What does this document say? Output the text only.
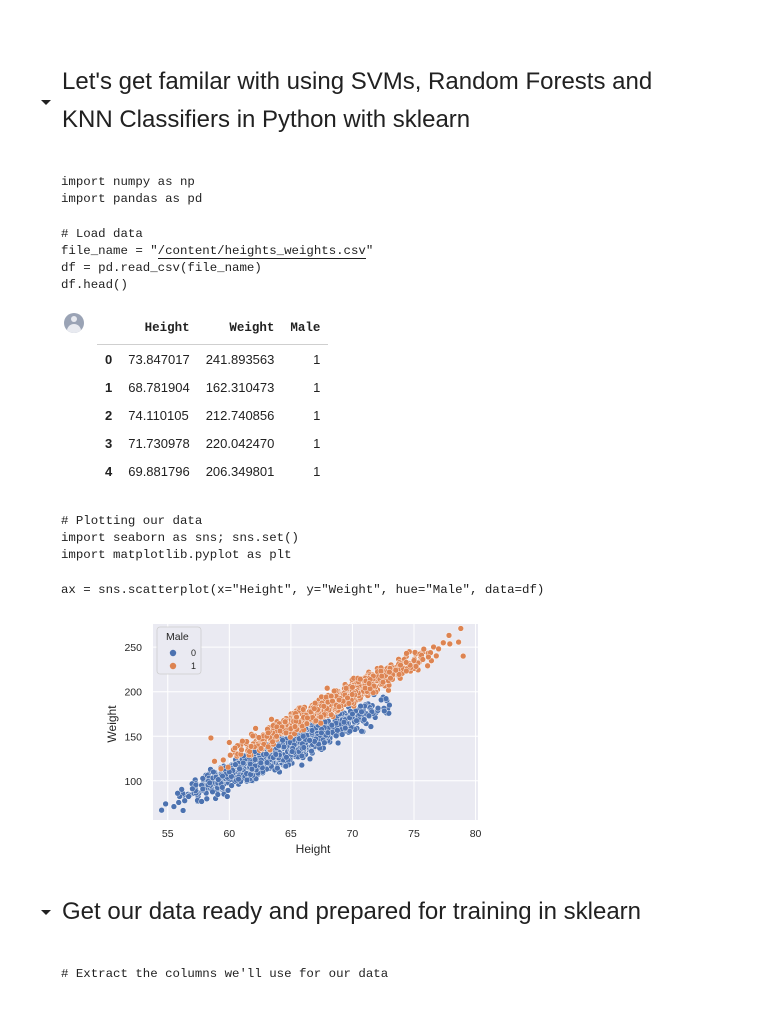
Let's get familar with using SVMs, Random Forests and
KNN Classifiers in Python with sklearn
import numpy as np
import pandas as pd

# Load data
file_name = "/content/heights_weights.csv"
df = pd.read_csv(file_name)
df.head()
	Height	Weight	Male
0	73.847017	241.893563	1
1	68.781904	162.310473	1
2	74.110105	212.740856	1
3	71.730978	220.042470	1
4	69.881796	206.349801	1
# Plotting our data
import seaborn as sns; sns.set()
import matplotlib.pyplot as plt

ax = sns.scatterplot(x="Height", y="Weight", hue="Male", data=df)
55	60	65	70	75	80
100
150
200
250
Height
Weight
Male
0
1
Get our data ready and prepared for training in sklearn
# Extract the columns we'll use for our data
